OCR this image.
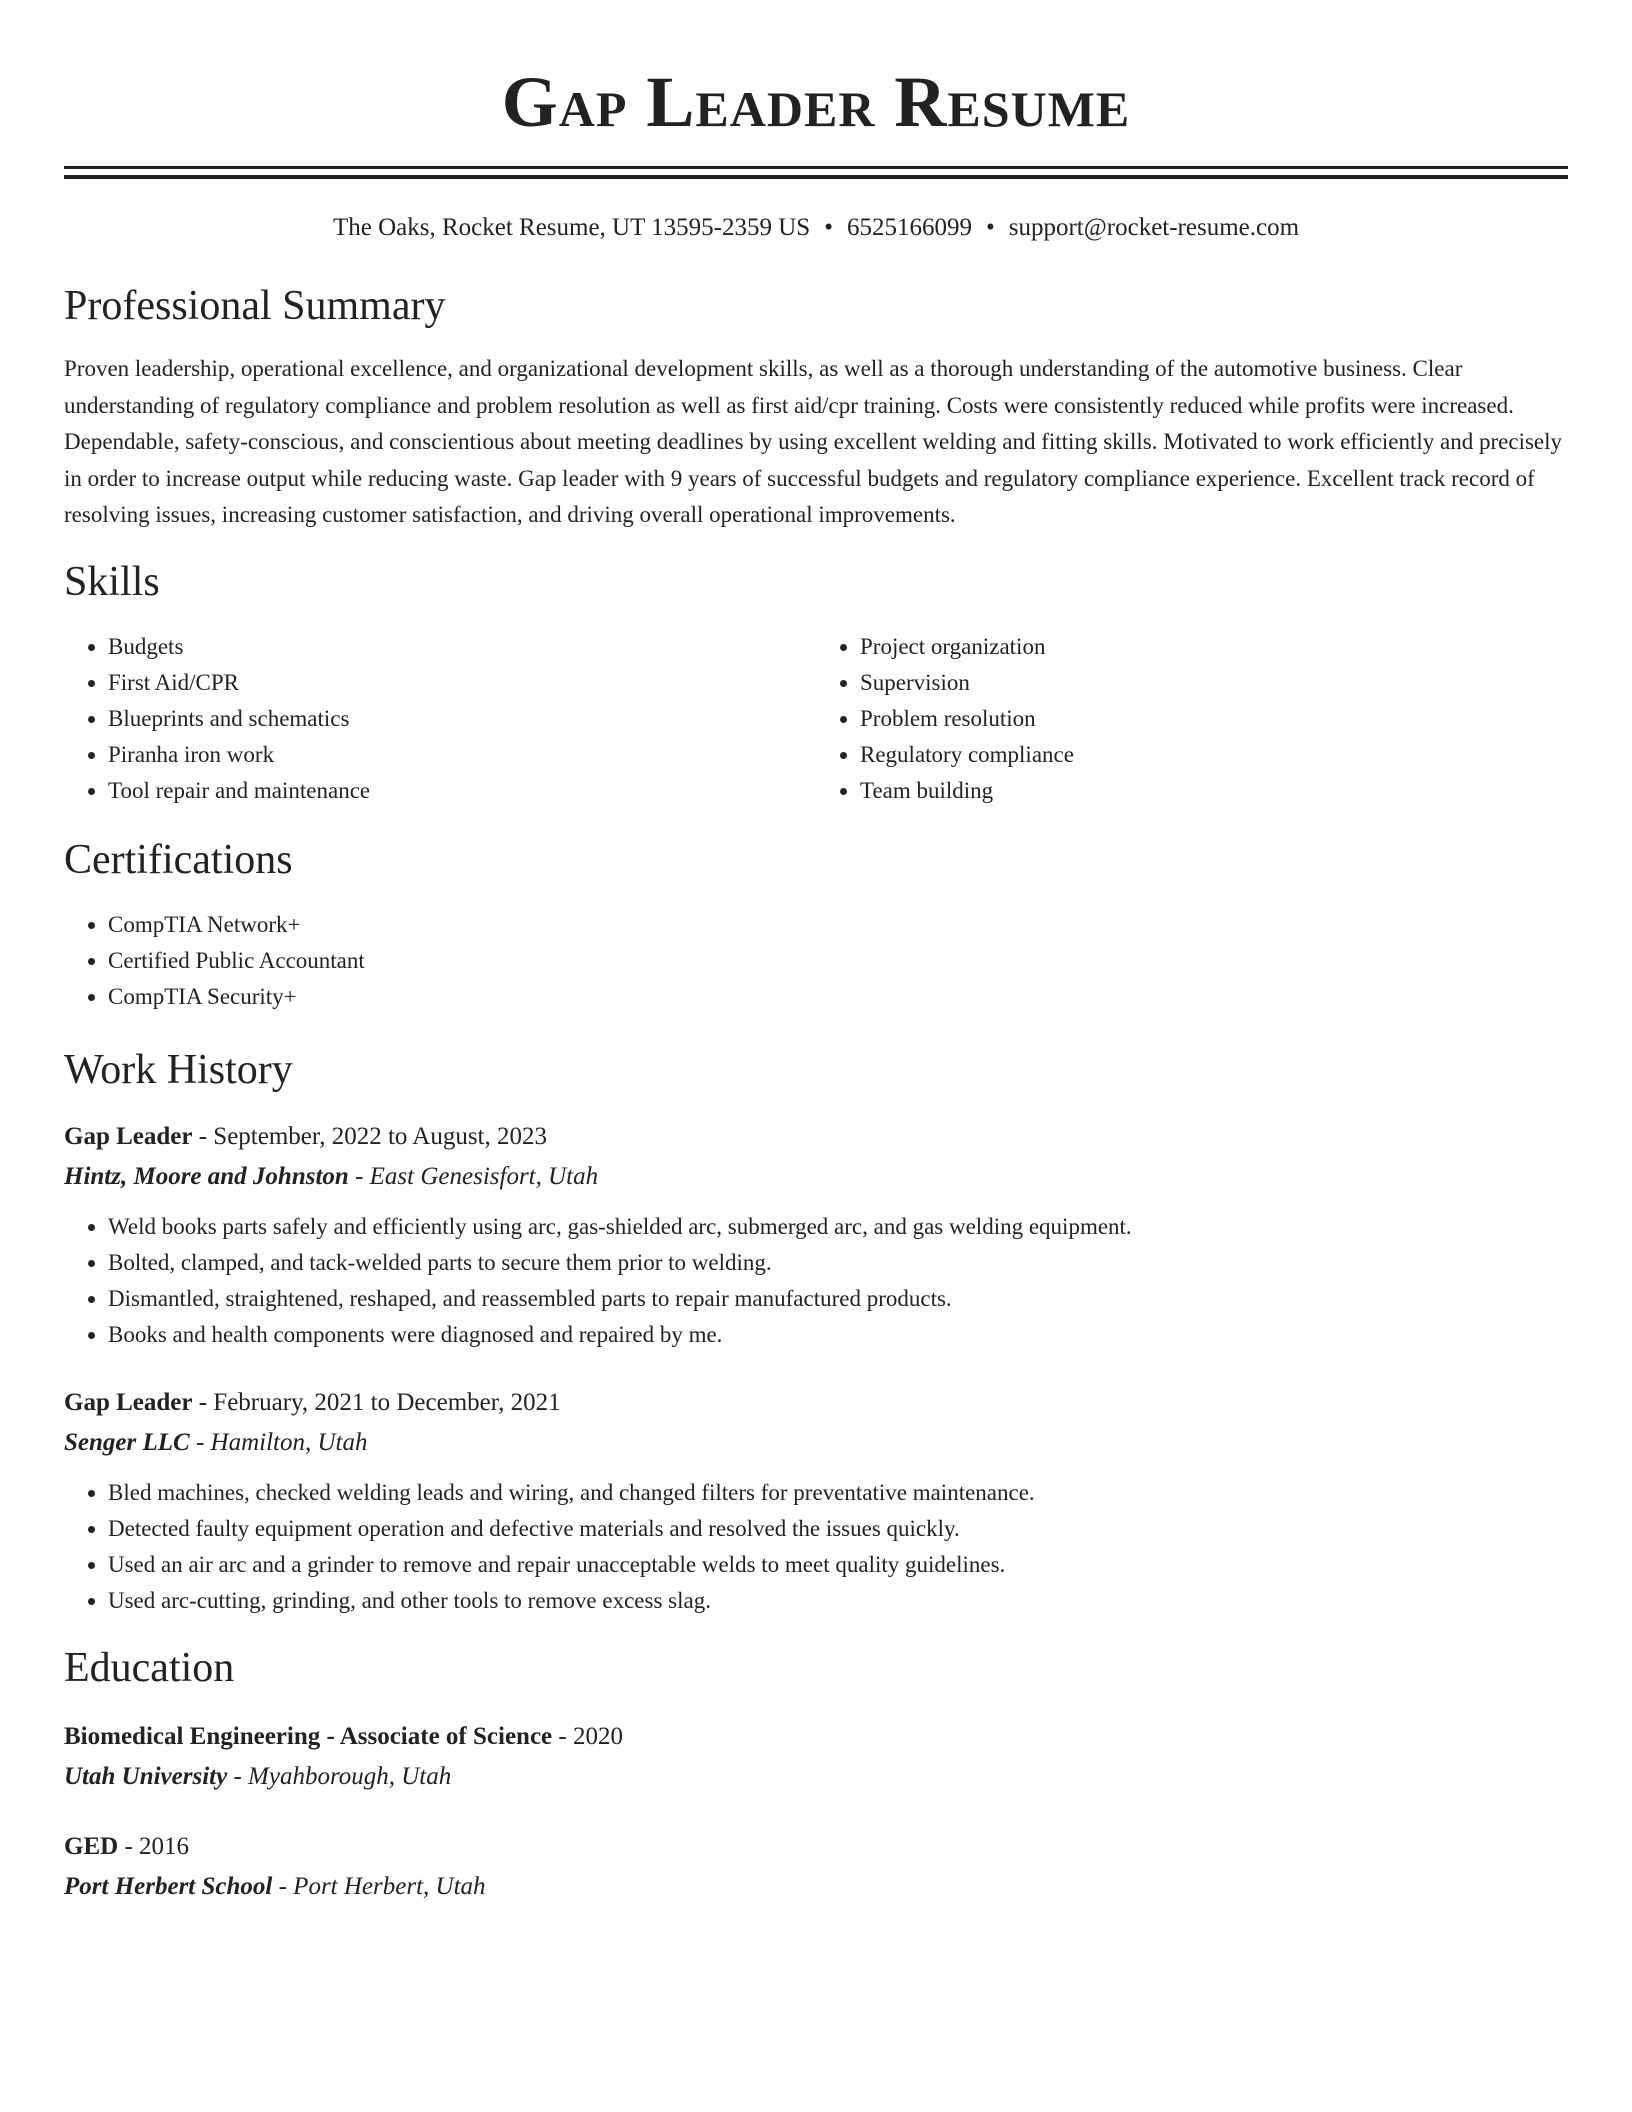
Gap Leader Resume
The Oaks, Rocket Resume, UT 13595-2359 US • 6525166099 • support@rocket-resume.com
Professional Summary

Proven leadership, operational excellence, and organizational development skills, as well as a thorough understanding of the automotive business. Clear understanding of regulatory compliance and problem resolution as well as first aid/cpr training. Costs were consistently reduced while profits were increased. Dependable, safety-conscious, and conscientious about meeting deadlines by using excellent welding and fitting skills. Motivated to work efficiently and precisely in order to increase output while reducing waste. Gap leader with 9 years of successful budgets and regulatory compliance experience. Excellent track record of resolving issues, increasing customer satisfaction, and driving overall operational improvements.

Skills
• Budgets
• First Aid/CPR
• Blueprints and schematics
• Piranha iron work
• Tool repair and maintenance
• Project organization
• Supervision
• Problem resolution
• Regulatory compliance
• Team building
Certifications
• CompTIA Network+
• Certified Public Accountant
• CompTIA Security+
Work History
Gap Leader - September, 2022 to August, 2023
Hintz, Moore and Johnston - East Genesisfort, Utah
• Weld books parts safely and efficiently using arc, gas-shielded arc, submerged arc, and gas welding equipment.
• Bolted, clamped, and tack-welded parts to secure them prior to welding.
• Dismantled, straightened, reshaped, and reassembled parts to repair manufactured products.
• Books and health components were diagnosed and repaired by me.
Gap Leader - February, 2021 to December, 2021
Senger LLC - Hamilton, Utah
• Bled machines, checked welding leads and wiring, and changed filters for preventative maintenance.
• Detected faulty equipment operation and defective materials and resolved the issues quickly.
• Used an air arc and a grinder to remove and repair unacceptable welds to meet quality guidelines.
• Used arc-cutting, grinding, and other tools to remove excess slag.
Education
Biomedical Engineering - Associate of Science - 2020
Utah University - Myahborough, Utah
GED - 2016
Port Herbert School - Port Herbert, Utah
